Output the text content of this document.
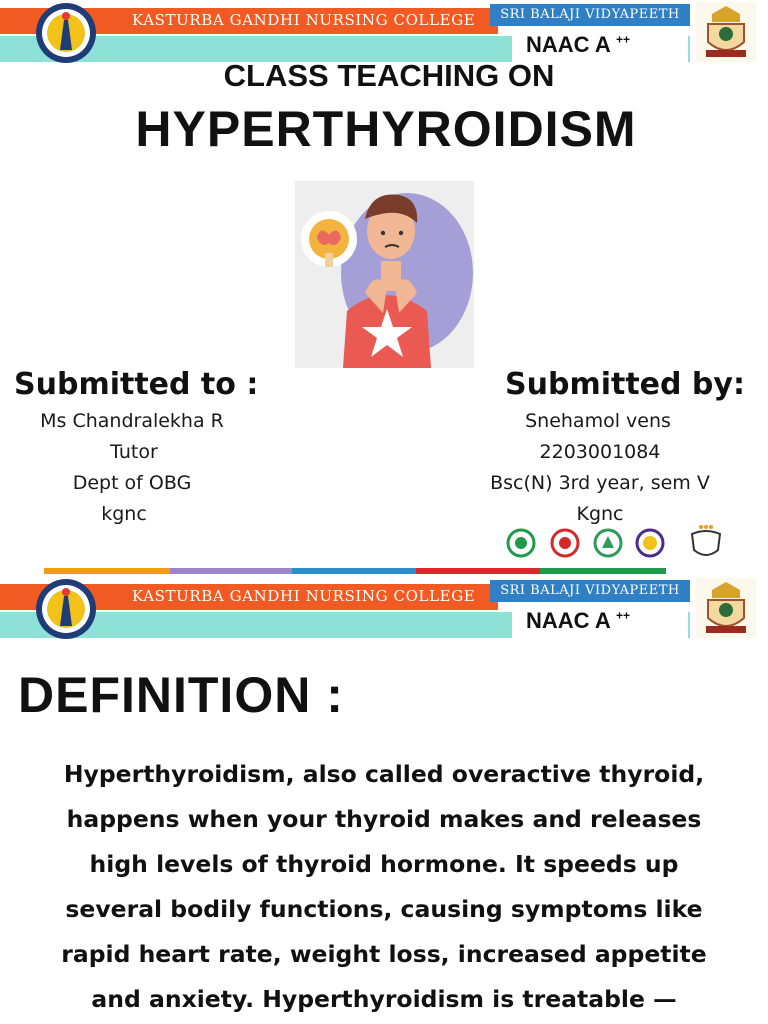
KASTURBA GANDHI NURSING COLLEGE	SRI BALAJI VIDYAPEETH
NAAC A ++
CLASS TEACHING ON
HYPERTHYROIDISM
Submitted to :	Submitted by:
Ms Chandralekha R
Tutor
Dept of OBG
kgnc
Snehamol vens
2203001084
Bsc(N) 3rd year, sem V
Kgnc
KASTURBA GANDHI NURSING COLLEGE	SRI BALAJI VIDYAPEETH
NAAC A ++
DEFINITION :
Hyperthyroidism, also called overactive thyroid,
happens when your thyroid makes and releases
high levels of thyroid hormone. It speeds up
several bodily functions, causing symptoms like
rapid heart rate, weight loss, increased appetite
and anxiety. Hyperthyroidism is treatable —
